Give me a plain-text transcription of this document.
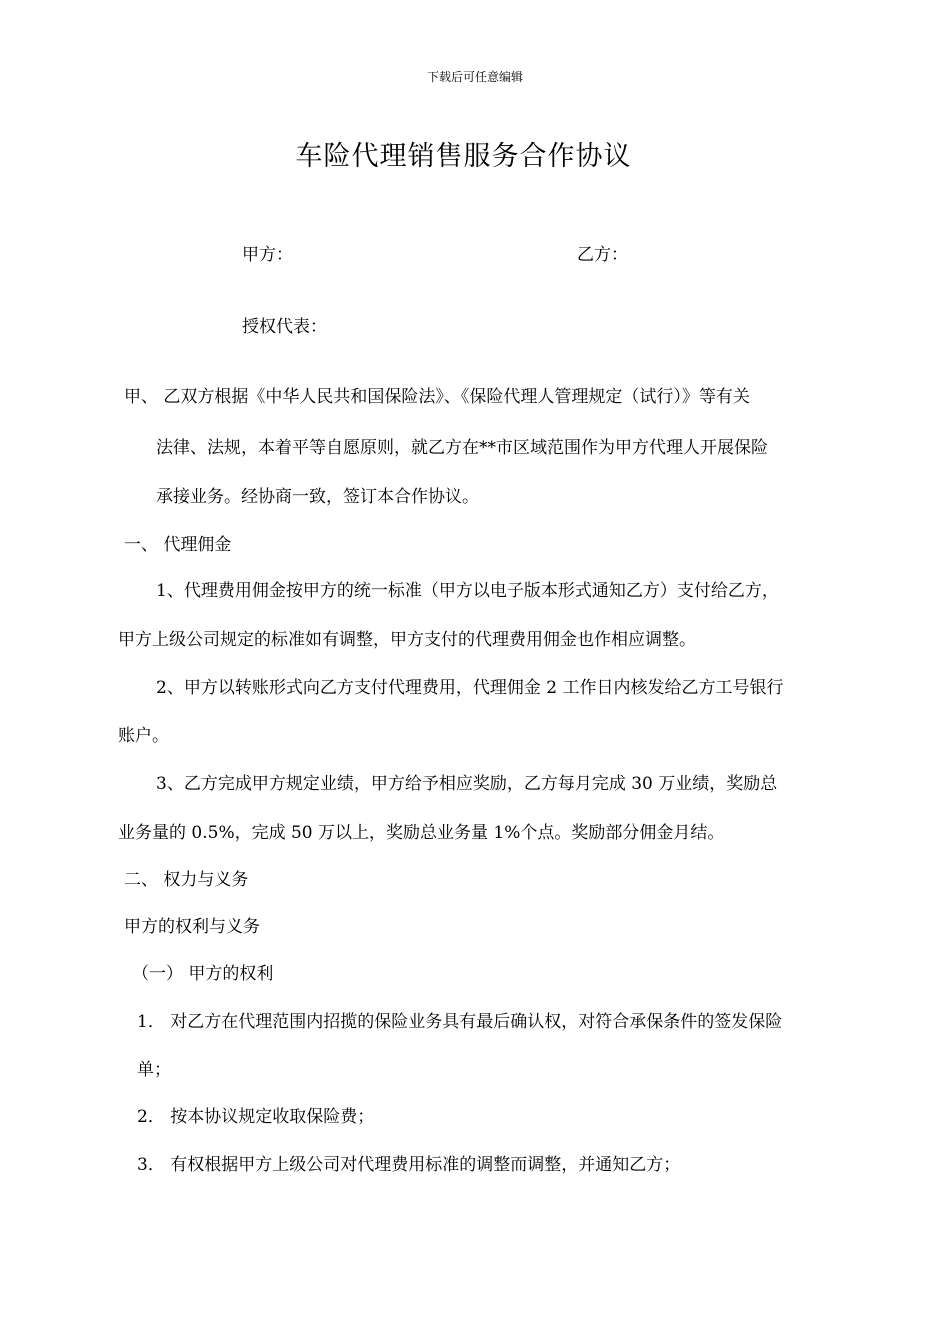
下载后可任意编辑
车险代理销售服务合作协议
甲方：	乙方：
授权代表：
甲、 乙双方根据《中华人民共和国保险法》、《保险代理人管理规定（试行）》等有关
法律、法规，本着平等自愿原则，就乙方在**市区域范围作为甲方代理人开展保险
承接业务。经协商一致，签订本合作协议。
一、 代理佣金
1、代理费用佣金按甲方的统一标准（甲方以电子版本形式通知乙方）支付给乙方，
甲方上级公司规定的标准如有调整，甲方支付的代理费用佣金也作相应调整。
2、甲方以转账形式向乙方支付代理费用，代理佣金 2 工作日内核发给乙方工号银行
账户。
3、乙方完成甲方规定业绩，甲方给予相应奖励，乙方每月完成 30 万业绩，奖励总
业务量的 0.5%，完成 50 万以上，奖励总业务量 1%个点。奖励部分佣金月结。
二、 权力与义务
甲方的权利与义务
（一） 甲方的权利
1． 对乙方在代理范围内招揽的保险业务具有最后确认权，对符合承保条件的签发保险
单；
2． 按本协议规定收取保险费；
3． 有权根据甲方上级公司对代理费用标准的调整而调整，并通知乙方；
